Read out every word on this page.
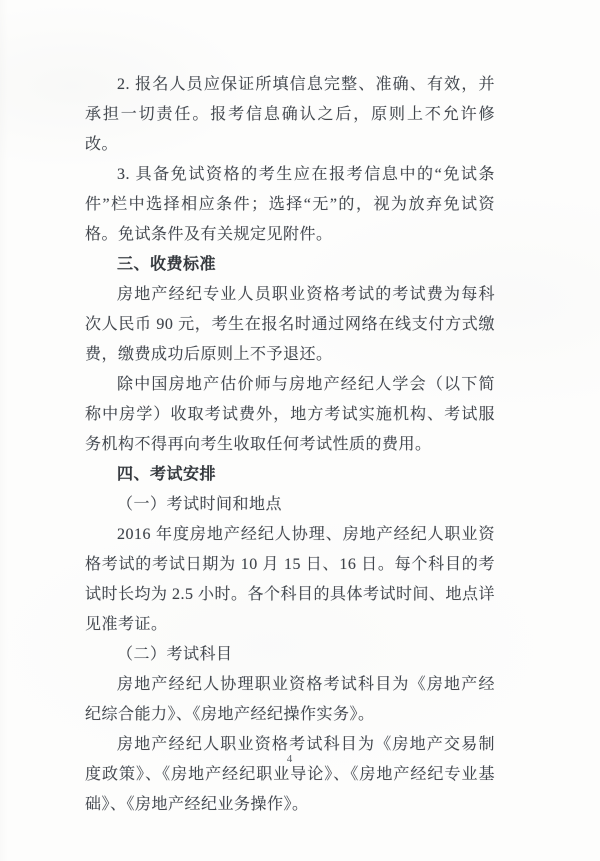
2. 报名人员应保证所填信息完整、准确、有效，并承担一切责任。报考信息确认之后，原则上不允许修改。

3. 具备免试资格的考生应在报考信息中的“免试条件”栏中选择相应条件；选择“无”的，视为放弃免试资格。免试条件及有关规定见附件。

三、收费标准

房地产经纪专业人员职业资格考试的考试费为每科次人民币 90 元，考生在报名时通过网络在线支付方式缴费，缴费成功后原则上不予退还。

除中国房地产估价师与房地产经纪人学会（以下简称中房学）收取考试费外，地方考试实施机构、考试服务机构不得再向考生收取任何考试性质的费用。

四、考试安排

（一）考试时间和地点

2016 年度房地产经纪人协理、房地产经纪人职业资格考试的考试日期为 10 月 15 日、16 日。每个科目的考试时长均为 2.5 小时。各个科目的具体考试时间、地点详见准考证。

（二）考试科目

房地产经纪人协理职业资格考试科目为《房地产经纪综合能力》、《房地产经纪操作实务》。

房地产经纪人职业资格考试科目为《房地产交易制度政策》、《房地产经纪职业导论》、《房地产经纪专业基础》、《房地产经纪业务操作》。

4
